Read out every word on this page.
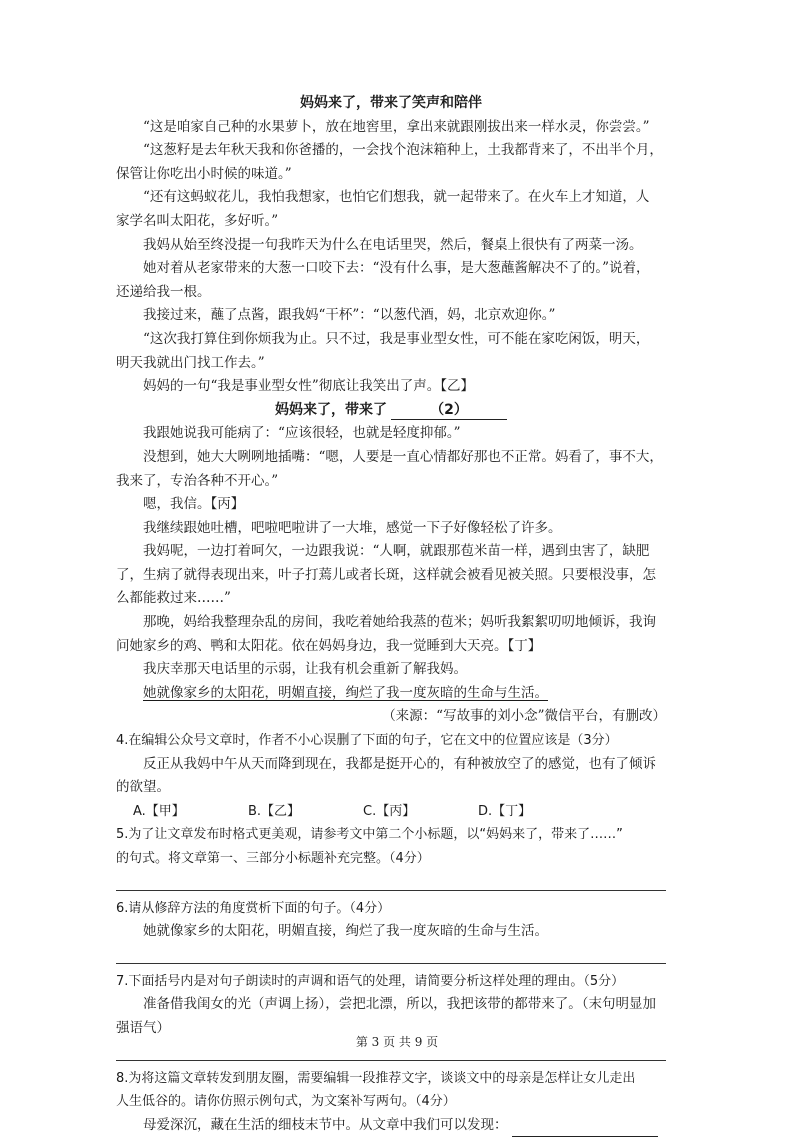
妈妈来了，带来了笑声和陪伴
“这是咱家自己种的水果萝卜，放在地窖里，拿出来就跟刚拔出来一样水灵，你尝尝。”
“这葱籽是去年秋天我和你爸播的，一会找个泡沫箱种上，土我都背来了，不出半个月，
保管让你吃出小时候的味道。”
“还有这蚂蚁花儿，我怕我想家，也怕它们想我，就一起带来了。在火车上才知道，人
家学名叫太阳花，多好听。”
我妈从始至终没提一句我昨天为什么在电话里哭，然后，餐桌上很快有了两菜一汤。
她对着从老家带来的大葱一口咬下去：“没有什么事，是大葱蘸酱解决不了的。”说着，
还递给我一根。
我接过来，蘸了点酱，跟我妈“干杯”：“以葱代酒，妈，北京欢迎你。”
“这次我打算住到你烦我为止。只不过，我是事业型女性，可不能在家吃闲饭，明天，
明天我就出门找工作去。”
妈妈的一句“我是事业型女性”彻底让我笑出了声。【乙】
妈妈来了，带来了	（2）
我跟她说我可能病了：“应该很轻，也就是轻度抑郁。”
没想到，她大大咧咧地插嘴：“嗯，人要是一直心情都好那也不正常。妈看了，事不大，
我来了，专治各种不开心。”
嗯，我信。【丙】
我继续跟她吐槽，吧啦吧啦讲了一大堆，感觉一下子好像轻松了许多。
我妈呢，一边打着呵欠，一边跟我说：“人啊，就跟那苞米苗一样，遇到虫害了，缺肥
了，生病了就得表现出来，叶子打蔫儿或者长斑，这样就会被看见被关照。只要根没事，怎
么都能救过来……”
那晚，妈给我整理杂乱的房间，我吃着她给我蒸的苞米；妈听我絮絮叨叨地倾诉，我询
问她家乡的鸡、鸭和太阳花。依在妈妈身边，我一觉睡到大天亮。【丁】
我庆幸那天电话里的示弱，让我有机会重新了解我妈。
她就像家乡的太阳花，明媚直接，绚烂了我一度灰暗的生命与生活。
（来源：“写故事的刘小念”微信平台，有删改）
4.在编辑公众号文章时，作者不小心误删了下面的句子，它在文中的位置应该是（3分）
反正从我妈中午从天而降到现在，我都是挺开心的，有种被放空了的感觉，也有了倾诉
的欲望。
A.【甲】	B.【乙】	C.【丙】	D.【丁】
5.为了让文章发布时格式更美观，请参考文中第二个小标题，以“妈妈来了，带来了……”
的句式。将文章第一、三部分小标题补充完整。（4分）
6.请从修辞方法的角度赏析下面的句子。（4分）
她就像家乡的太阳花，明媚直接，绚烂了我一度灰暗的生命与生活。
7.下面括号内是对句子朗读时的声调和语气的处理，请简要分析这样处理的理由。（5分）
准备借我闺女的光（声调上扬），尝把北漂，所以，我把该带的都带来了。（末句明显加
强语气）
8.为将这篇文章转发到朋友圈，需要编辑一段推荐文字，谈谈文中的母亲是怎样让女儿走出
人生低谷的。请你仿照示例句式，为文案补写两句。（4分）
母爱深沉，藏在生活的细枝末节中。从文章中我们可以发现：
第 3 页 共 9 页
